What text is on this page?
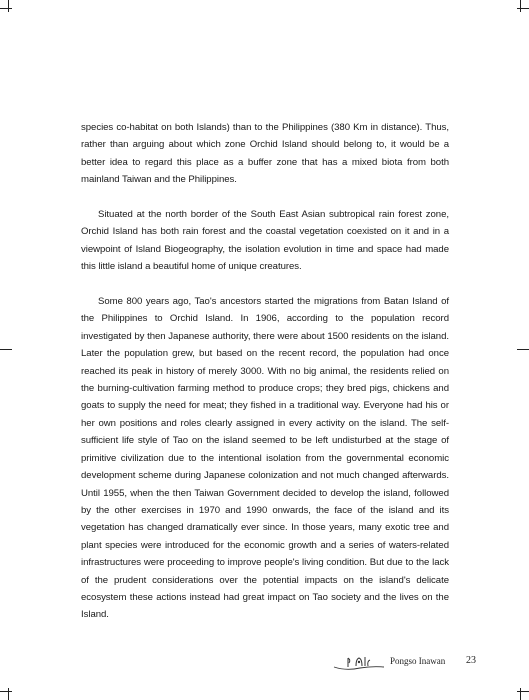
species co-habitat on both Islands) than to the Philippines (380 Km in distance). Thus, rather than arguing about which zone Orchid Island should belong to, it would be a better idea to regard this place as a buffer zone that has a mixed biota from both mainland Taiwan and the Philippines.

Situated at the north border of the South East Asian subtropical rain forest zone, Orchid Island has both rain forest and the coastal vegetation coexisted on it and in a viewpoint of Island Biogeography, the isolation evolution in time and space had made this little island a beautiful home of unique creatures.

Some 800 years ago, Tao's ancestors started the migrations from Batan Island of the Philippines to Orchid Island. In 1906, according to the population record investigated by then Japanese authority, there were about 1500 residents on the island. Later the population grew, but based on the recent record, the population had once reached its peak in history of merely 3000. With no big animal, the residents relied on the burning-cultivation farming method to produce crops; they bred pigs, chickens and goats to supply the need for meat; they fished in a traditional way. Everyone had his or her own positions and roles clearly assigned in every activity on the island. The self-sufficient life style of Tao on the island seemed to be left undisturbed at the stage of primitive civilization due to the intentional isolation from the governmental economic development scheme during Japanese colonization and not much changed afterwards. Until 1955, when the then Taiwan Government decided to develop the island, followed by the other exercises in 1970 and 1990 onwards, the face of the island and its vegetation has changed dramatically ever since. In those years, many exotic tree and plant species were introduced for the economic growth and a series of waters-related infrastructures were proceeding to improve people's living condition. But due to the lack of the prudent considerations over the potential impacts on the island's delicate ecosystem these actions instead had great impact on Tao society and the lives on the Island.

Pongso Inawan 23
